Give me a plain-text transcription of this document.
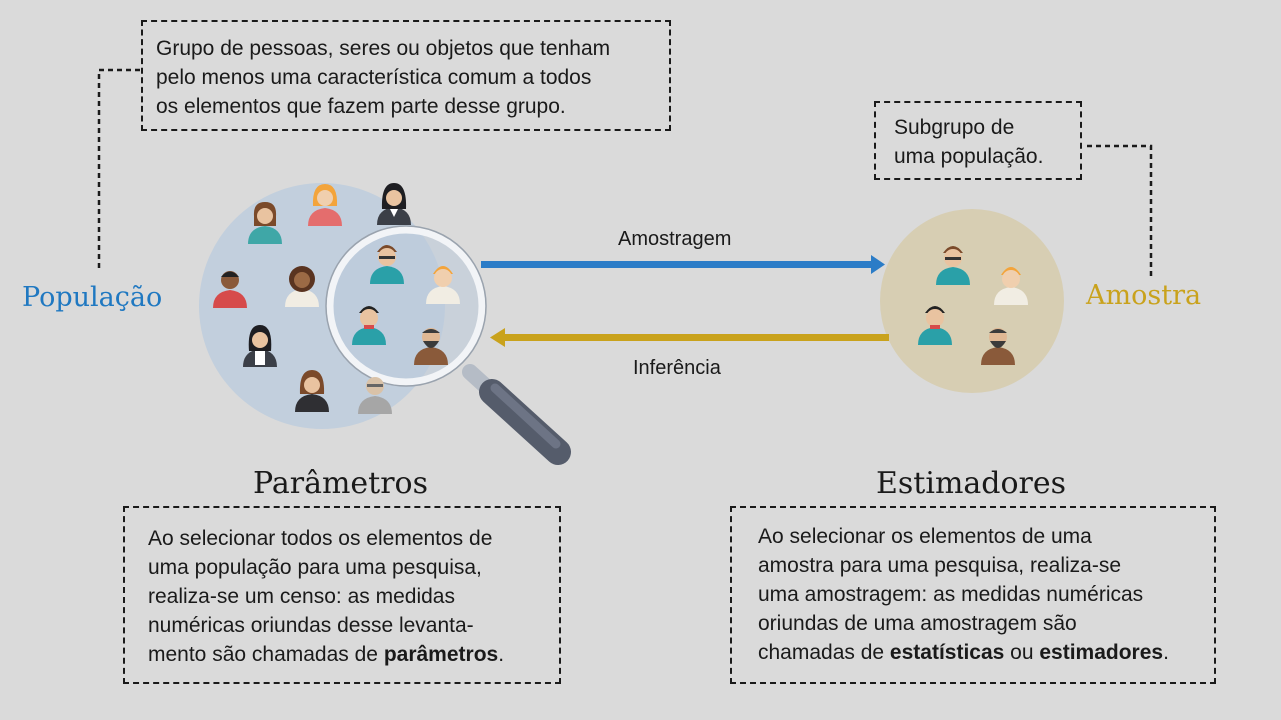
Grupo de pessoas, seres ou objetos que tenham
pelo menos uma característica comum a todos
os elementos que fazem parte desse grupo.
Subgrupo de
uma população.
População	Amostra
Amostragem
Inferência
Parâmetros	Estimadores
Ao selecionar todos os elementos de
uma população para uma pesquisa,
realiza-se um censo: as medidas
numéricas oriundas desse levanta-
mento são chamadas de parâmetros.
Ao selecionar os elementos de uma
amostra para uma pesquisa, realiza-se
uma amostragem: as medidas numéricas
oriundas de uma amostragem são
chamadas de estatísticas ou estimadores.
